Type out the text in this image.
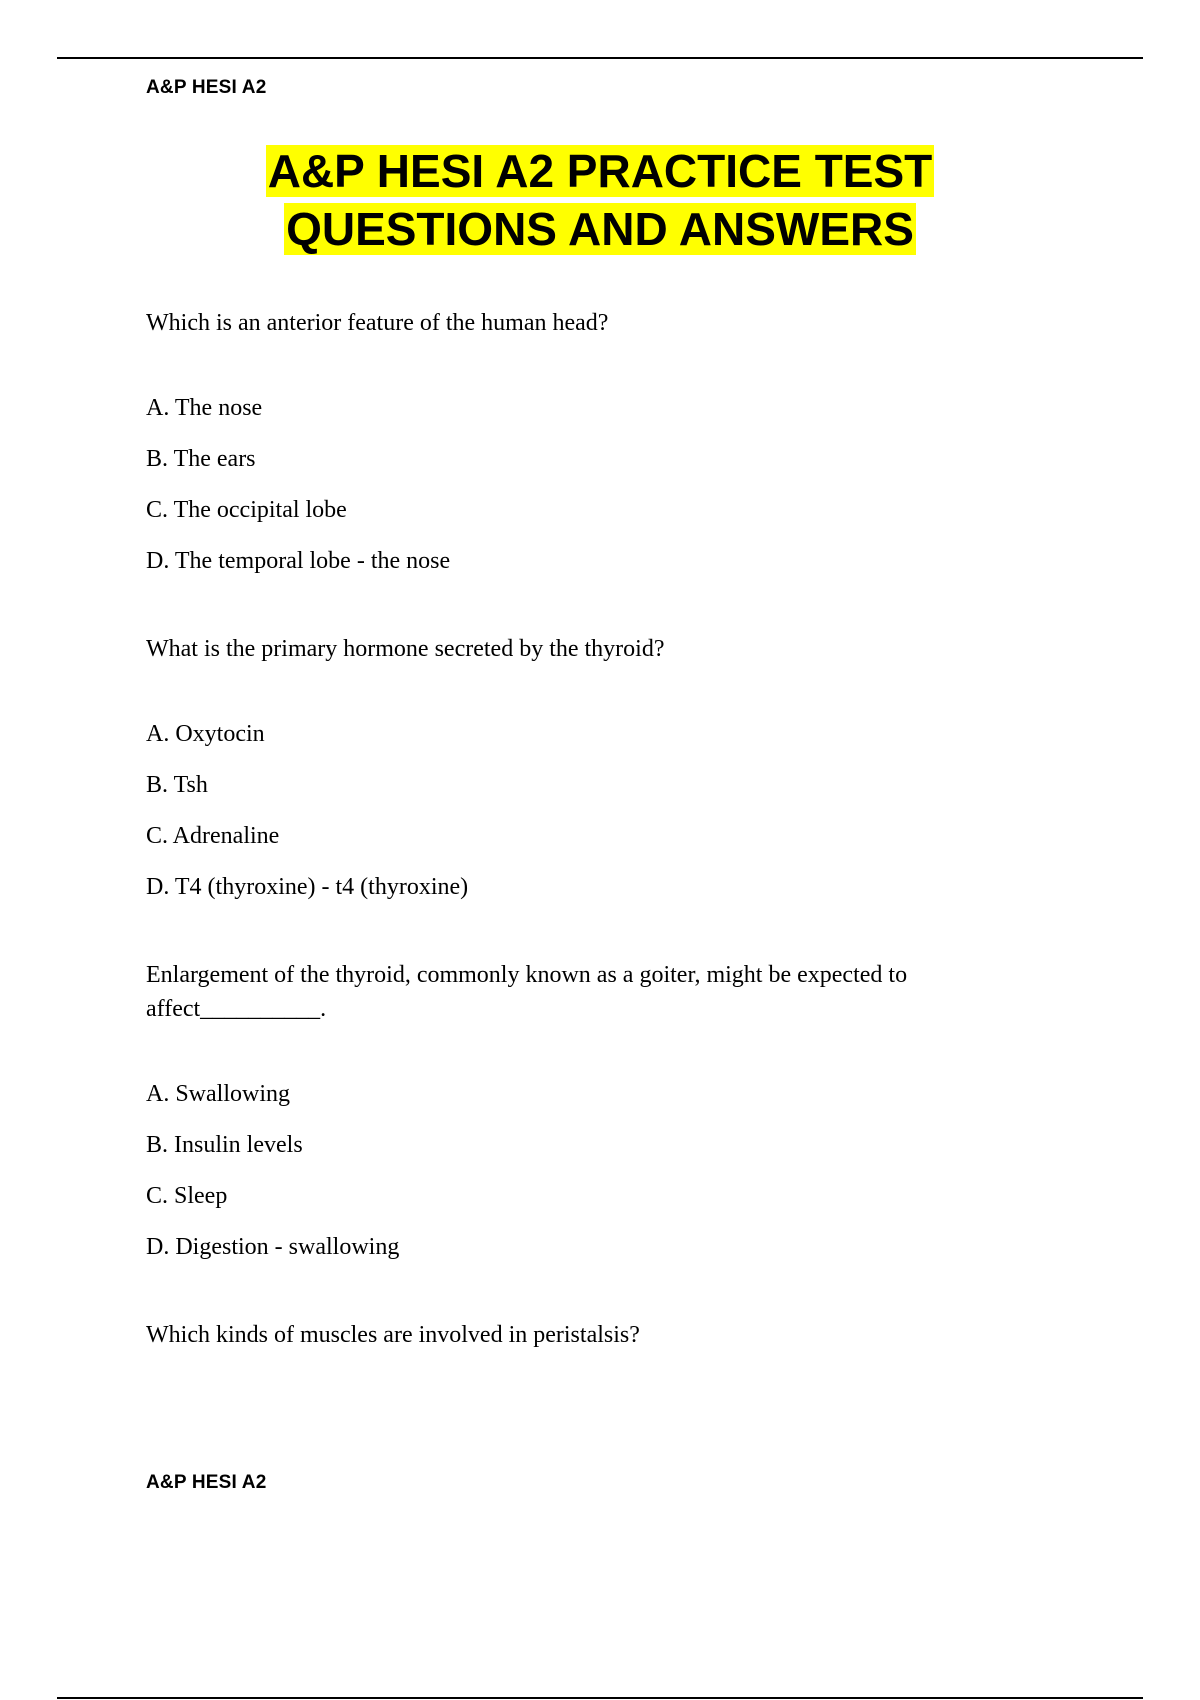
A&P HESI A2
A&P HESI A2 PRACTICE TEST
QUESTIONS AND ANSWERS

Which is an anterior feature of the human head?

A. The nose
B. The ears
C. The occipital lobe
D. The temporal lobe - the nose

What is the primary hormone secreted by the thyroid?

A. Oxytocin
B. Tsh
C. Adrenaline
D. T4 (thyroxine) - t4 (thyroxine)

Enlargement of the thyroid, commonly known as a goiter, might be expected to affect__________.

A. Swallowing
B. Insulin levels
C. Sleep
D. Digestion - swallowing

Which kinds of muscles are involved in peristalsis?

A&P HESI A2
